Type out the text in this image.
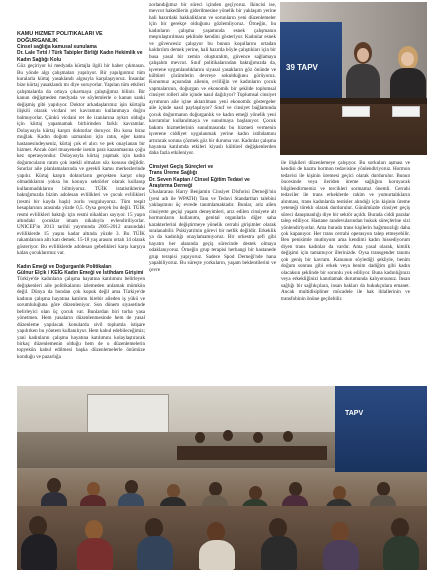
KAMU HİZMET POLİTİKALARI VE
DOĞURGANLIK
Cinsel sağlığa kamusal sunulama
Dr. Lale Tırtıl / Türk Tabipler Birliği Kadın Hekimlik ve Kadın Sağlığı Kolu

Göz geçiriyor ki medyada kürtajla ilgili bir haber çıkmasın. Bu yönde algı çalışmaları yapılıyor. Bir yapılgınmız tüm kuralarla kürtaj yasaklandı algısıyla karşılaşıyoruz. İnsanlar bize kürtaj yasaklandı mı diye soruyorlar. Yapılan tüm etkileri çalışmalarda da ortaya çıkarmaya çalıştığımız bilinir. Bir kanun değişmeden medyada ve söylemlerle o kanun sanki değişmiş gibi yapılıyor. Doktor arkadaşlarımız işin kürtajla ilişkili olarak vicdani ret kavramını kullanmaya doğru balmuyorlar. Çünkü vicdani ret ile izanlarına aykırı olduğu için kürtaj yapamamak birbirinden farklı kavramlar. Dolayısıyla kürtaj karşıtı doktorlar doruyor. Bu kona biraz muğlak. Kadın doğum uzmanları için ratın, eğer kamu hastanesindeyseniz, kürtaj çok el alıcı ve pek onaylanan bir hizmet. Ancak özel muayenede isenin para kazanmasına çoğu kez operasyondur. Dolayısıyla kürtaj yapmak için kadın doğumcuların ratım çok istekli olmaları söz konusu değildir. Sınırlar aile planlamalarında ve gerekli kamu merkezlerinde yapılır. Kürtaj karşıtı doktorların gerçekten karşıt olup olmadıklarını yoksa bu konuyu sektörler olarak kullanıp kullanmadıklarını bilmiyoruz. TÜİK istatistiklerine baktığımızda bizim adolesan evlilikleri ve çocuk evlilikleri (resmi bir kayda başlı) zorlu vurguluyoruz. Tüm tespit hesaplarının arasında yüzde 0,5. Oysa gerçek bu değil. TÜİK resmi evlilikleri baktığı için resmi nikahları sayıyor. 15 yaşın altındaki çocuklar imam nikahıyla evlendiriliyorlar. UNICEF'in 2013 tarihli yayımında 2005-2012 arasındaki evliliklerde 15 yaşını kadar altında yüzde 3. Bu TÜİK rakamlarının altı katı demek. 15-18 yaş arasını ortalı 14 olarak gösteriyor. Bu evliliklerde adolesan gebelikleri karşı karşıya kalan çocuklarımız var.

Kadın Emeği ve Doğurganlık Politikaları
Gülnur Elçik / KEİG Kadın Emeği ve İstihdam Girişimi

Türkiye'de kadınların çalışma hayatına katılımını belirleyen değişkenleri aile politikalarını izlemeden anlamak mümkün değil. Dünya da bundan çok kopuk değil ama Türkiye'de kadının çalışma hayatına katılımı birebir aileden iş yükü ve sorumluluğuna göre düzenleniyor. Son dönem siyasetinde belirleyici olan üç çocuk var. Bunlardan biri torba yasa yönetmen. Hem yasaların düzenlenmesinde hem de yasal düzenleme yapılacak konularda sivil toplumla istişare yapılırken bu yöntem kullanılıyor. Hem kabul edebileceğimiz; yani kadınların çalışma hayatına katılımını kolaylaştıracak birkaç düzenlemenin olduğu hem de o düzenlemelerin topyekûn kabul edilmesi başka düzenlemelerle önümüze konduğu ve pazarlığa

zorlandığımız bir süreci içinden geçiyoruz. İkincisi ise, mevcut hakedilerin giderilmesine yönelik bir yaklaşım yerine hali hazırdaki hakkalikların ve sorunların yeni düzenlemeler için bir gerekçe olduğunu gözlemliyoruz. Örneğin, bu kadınların çalışma yaşamında esnek çalışmanın meşrulaştırılması şeklinde kendini gösteriyor. Kadınlar esnek ve güvencesiz çalışıyor bu bunun koşullarını ortadan kaldırılım demek yerine, hali hazırda böyle çalıştıkları için bir busa yasal bir zemin oluşturalım, güvence sağlamaya çalışalım mevcut. Sınıf politikalarından baktığımızda da, işverene uygunlandıklarını siyasal yasakların göz önünde ve kültürel çözümlerin devreye sokulduğunu görüyoruz. Konumuz açısından ailenin, evliliğin ve kadınların çocuk yapmalarının, doğurgan ve ekonomik bir şekilde toplumsal cinsiyet rolleri aile içinde nasıl dağılıyor? Toplumsal cinsiyet ayrımının aile içine aktarılması yeni ekonomik göstergeler aile içinde nasıl paylaşılıyor? Sınıf ve cinsiyet bağlamında çocuk doğurmanın doğurganlık ve kadın emeği yönelik yeni kavramlar kullanılmaya ve sunulmaya başlanıyor. Çocuk bakımı hizmetlerinin sunulmasında bu hizmeti vermenin işverene ciddiyet uygulanmak yerine kadın istihdamını artıracak soruna çözmek göz bir duruma var. Kadınlar çalışma hayatına katılımda etkileri kiyaslı kültürel değişkenlerden daha fazla etkileniyor.

Cinsiyet Geçiş Süreçleri ve
Trans Üreme Sağlığı
Dr. Seven Kaptan / Cinsel Eğitim Tedavi ve
Araştırma Derneği

Uluslararası Harry Benjamin Cinsiyet Disforisi Derneği'nin (yeni adı ile WPATH) Tanı ve Tedavi Standartları talebini yaklaşımını üç evrede tanımlamaktadır. Bunlar, ariz ailen cinsiyette geçişi yaşam deneyimleri, arız edilen cinsiyete alt hormonların kullanımı, genital organlarla diğer saha karakterlerini değiştirmeye yönelik cerrahi girişimler olarak sıralanabilir. Psikiyatrinin görevi bir netlik değildir. Erkeklik ya da kadınlığı onaylamamıyoruz. Bir orkestra şefi gibi hayatın her alanında geçiş sürecinde destek olmaya odaklanıyoruz. Örneğin grup terapisi herhangi bir hastanede grup terapisi yapıyoruz. Sadece Spod Derneği'nde hana yapabiliyoruz. Bu süreçte yorkuların, yaşam beklentilerini ve çevre

ile ilişkileri düzenlemeye çalışıyor. Bu sorkuları aşması ve kendisi de hazmı hormon tedavisine yönlendiriyoruz. Hormon tedavisi ile kişinin üremesi geçici olarak durdurulur. Bunun öncesinde veya ileriden üreme sağlığını koruyacak bilgilendirmemiz ve tercihleri sormamız önemli. Cerrahi tedaviler ile trans erkeklerde rahim ve yumurtalıkların alınması, trans kadınlarda testisler alındığı için kişinin üreme yeteneği töreklı olarak durdurulur. Günümüzde cinsiyet geçiş süreci danışmanlığı diye bir sektör açıldı. Burada ciddi paralar talep ediliyor. Hastane randevularından hukuk süreçlerine sizi yönlendiriyorlar. Ama burada trans kişilerin bağımsızlığı daha çok kapanıyor. Her trans cerrahi operasyon talep etmeyebilir. Ben penisimle mutluyum ama kendimi kadın hissediyorum diyen trans kadınlar da vardır. Ama yasal olarak, kimlik değişimi için tamamıyor illerinizde. Oysa transgender tanımı çok geniş bir kavram. Kanunun söylediği şekliyle, benim doğum sonrası gibi erkek veya benim dadiğim gibi kadın olacaksın şeklinde bir sorunlu yok ediliyor. Buna kadınlığınızı veya erkekliğinizi kanıtlamak durumunda kalıyorsunuz. İnsan sağlığı bir sağlıkçılara, insan hakları da hukukçulara emanet. Ancak multidisipliner mücadele ile hak ihlallerinin ve transfobinin önüne geçilebilir.

39 TAPV
TAPV
